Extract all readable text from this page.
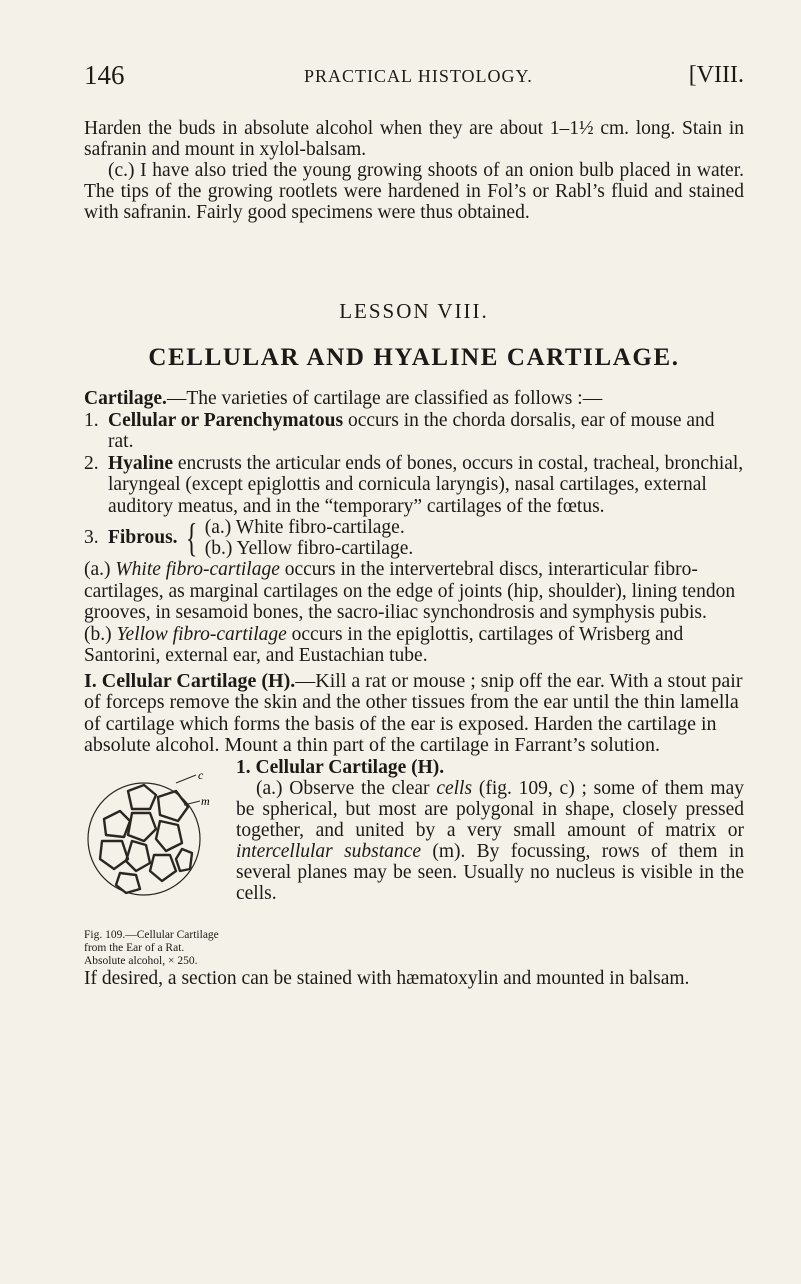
146	PRACTICAL HISTOLOGY.	[VIII.

Harden the buds in absolute alcohol when they are about 1–1½ cm. long. Stain in safranin and mount in xylol-balsam.

(c.) I have also tried the young growing shoots of an onion bulb placed in water. The tips of the growing rootlets were hardened in Fol’s or Rabl’s fluid and stained with safranin. Fairly good specimens were thus obtained.

LESSON VIII.
CELLULAR AND HYALINE CARTILAGE.
Cartilage.—The varieties of cartilage are classified as follows :—
1. Cellular or Parenchymatous occurs in the chorda dorsalis, ear of mouse and rat.
2. Hyaline encrusts the articular ends of bones, occurs in costal, tracheal, bronchial, laryngeal (except epiglottis and cornicula laryngis), nasal cartilages, external auditory meatus, and in the “temporary” cartilages of the fœtus.
3. Fibrous. { (a.) White fibro-cartilage.
(b.) Yellow fibro-cartilage.
(a.) White fibro-cartilage occurs in the intervertebral discs, interarticular fibro-cartilages, as marginal cartilages on the edge of joints (hip, shoulder), lining tendon grooves, in sesamoid bones, the sacro-iliac synchondrosis and symphysis pubis.
(b.) Yellow fibro-cartilage occurs in the epiglottis, cartilages of Wrisberg and Santorini, external ear, and Eustachian tube.
I. Cellular Cartilage (H).—Kill a rat or mouse ; snip off the ear. With a stout pair of forceps remove the skin and the other tissues from the ear until the thin lamella of cartilage which forms the basis of the ear is exposed. Harden the cartilage in absolute alcohol. Mount a thin part of the cartilage in Farrant’s solution.
c
m
Fig. 109.—Cellular Cartilage from the Ear of a Rat. Absolute alcohol, × 250.
1. Cellular Cartilage (H).
(a.) Observe the clear cells (fig. 109, c) ; some of them may be spherical, but most are polygonal in shape, closely pressed together, and united by a very small amount of matrix or intercellular substance (m). By focussing, rows of them in several planes may be seen. Usually no nucleus is visible in the cells.
If desired, a section can be stained with hæmatoxylin and mounted in balsam.
